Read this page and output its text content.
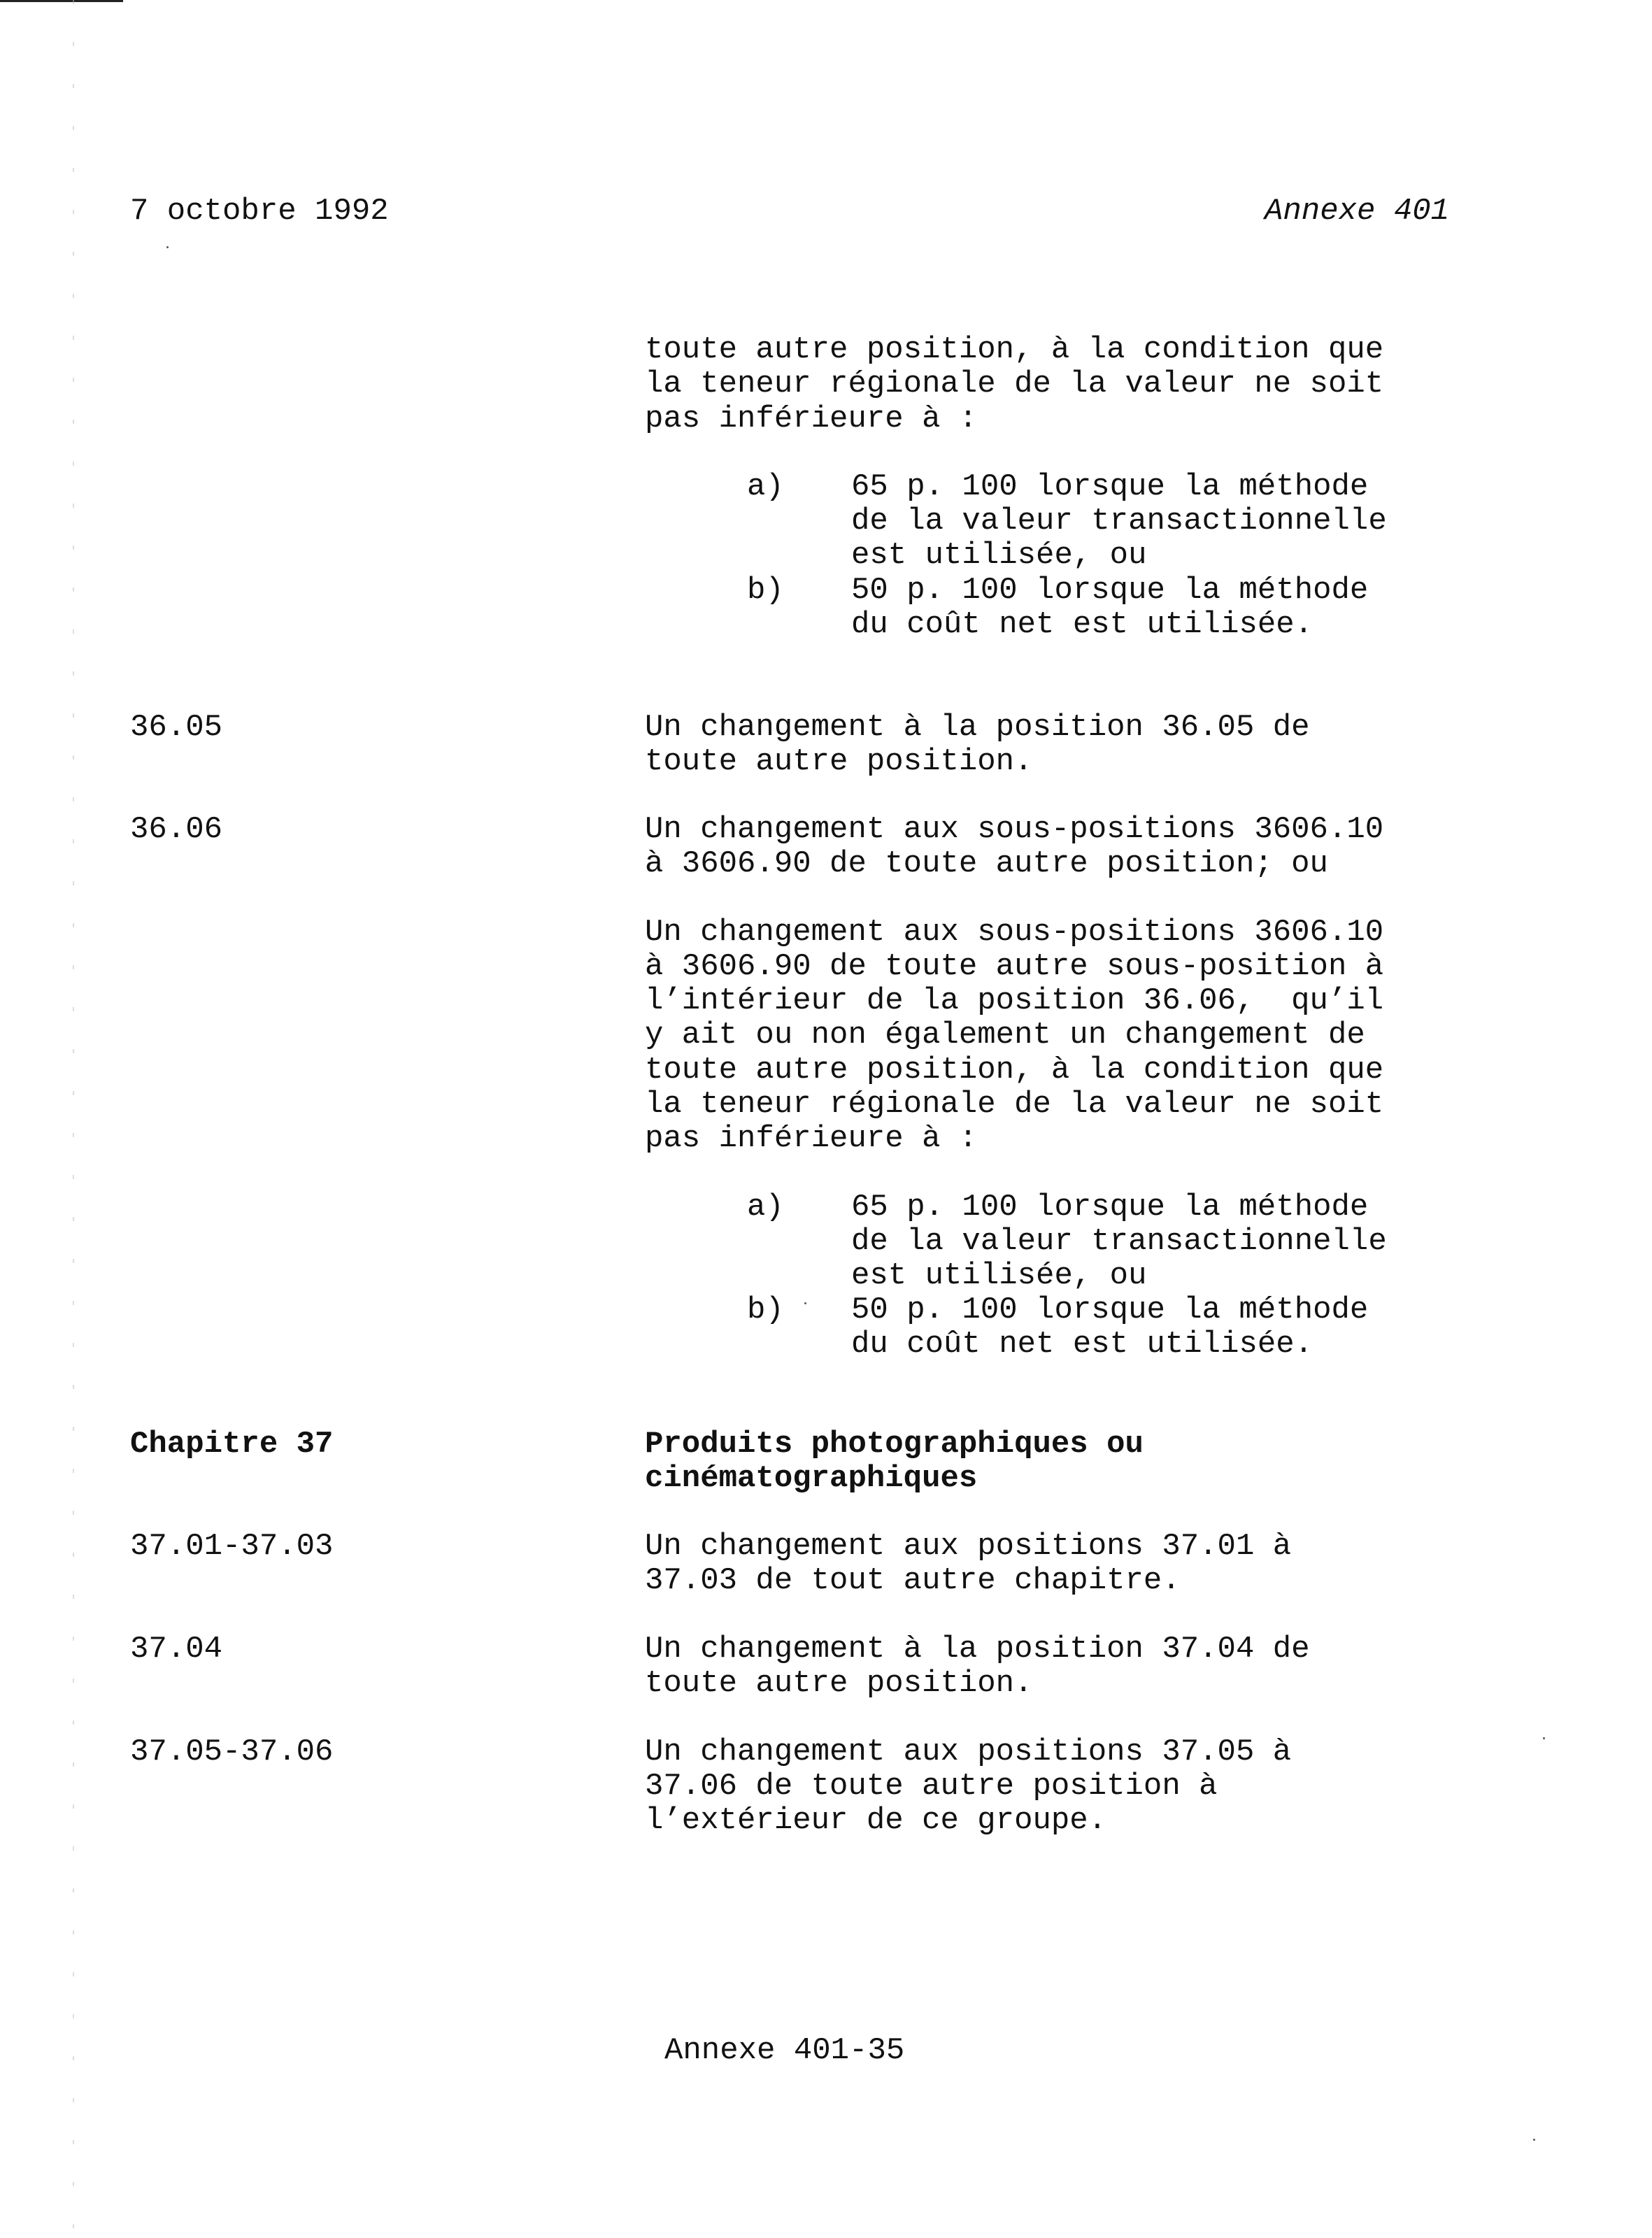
7 octobre 1992	Annexe 401

toute autre position, à la condition que

la teneur régionale de la valeur ne soit

pas inférieure à :

a)	65 p. 100 lorsque la méthode

de la valeur transactionnelle

est utilisée, ou

b)	50 p. 100 lorsque la méthode

du coût net est utilisée.

36.05	Un changement à la position 36.05 de

toute autre position.

36.06	Un changement aux sous-positions 3606.10

à 3606.90 de toute autre position; ou

Un changement aux sous-positions 3606.10

à 3606.90 de toute autre sous-position à

l’intérieur de la position 36.06,  qu’il

y ait ou non également un changement de

toute autre position, à la condition que

la teneur régionale de la valeur ne soit

pas inférieure à :

a)	65 p. 100 lorsque la méthode

de la valeur transactionnelle

est utilisée, ou

b)	50 p. 100 lorsque la méthode

du coût net est utilisée.

Chapitre 37	Produits photographiques ou

cinématographiques

37.01-37.03	Un changement aux positions 37.01 à

37.03 de tout autre chapitre.

37.04	Un changement à la position 37.04 de

toute autre position.

37.05-37.06	Un changement aux positions 37.05 à

37.06 de toute autre position à

l’extérieur de ce groupe.

Annexe 401-35
